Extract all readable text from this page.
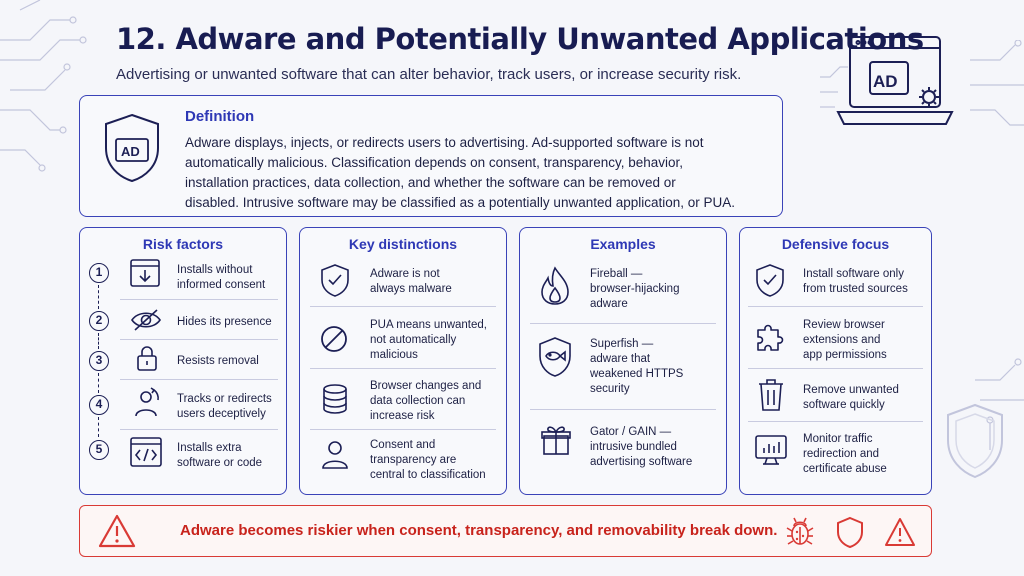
AD
12. Adware and Potentially Unwanted Applications
Advertising or unwanted software that can alter behavior, track users, or increase security risk.
AD
Definition
Adware displays, injects, or redirects users to advertising. Ad-supported software is not
automatically malicious. Classification depends on consent, transparency, behavior,
installation practices, data collection, and whether the software can be removed or
disabled. Intrusive software may be classified as a potentially unwanted application, or PUA.
Risk factors
1
2
3
4
5
Installs without
informed consent
Hides its presence
Resists removal
Tracks or redirects
users deceptively
Installs extra
software or code
Key distinctions
Adware is not
always malware
PUA means unwanted,
not automatically
malicious
Browser changes and
data collection can
increase risk
Consent and
transparency are
central to classification
Examples
Fireball —
browser-hijacking
adware
Superfish —
adware that
weakened HTTPS
security
Gator / GAIN —
intrusive bundled
advertising software
Defensive focus
Install software only
from trusted sources
Review browser
extensions and
app permissions
Remove unwanted
software quickly
Monitor traffic
redirection and
certificate abuse
Adware becomes riskier when consent, transparency, and removability break down.
